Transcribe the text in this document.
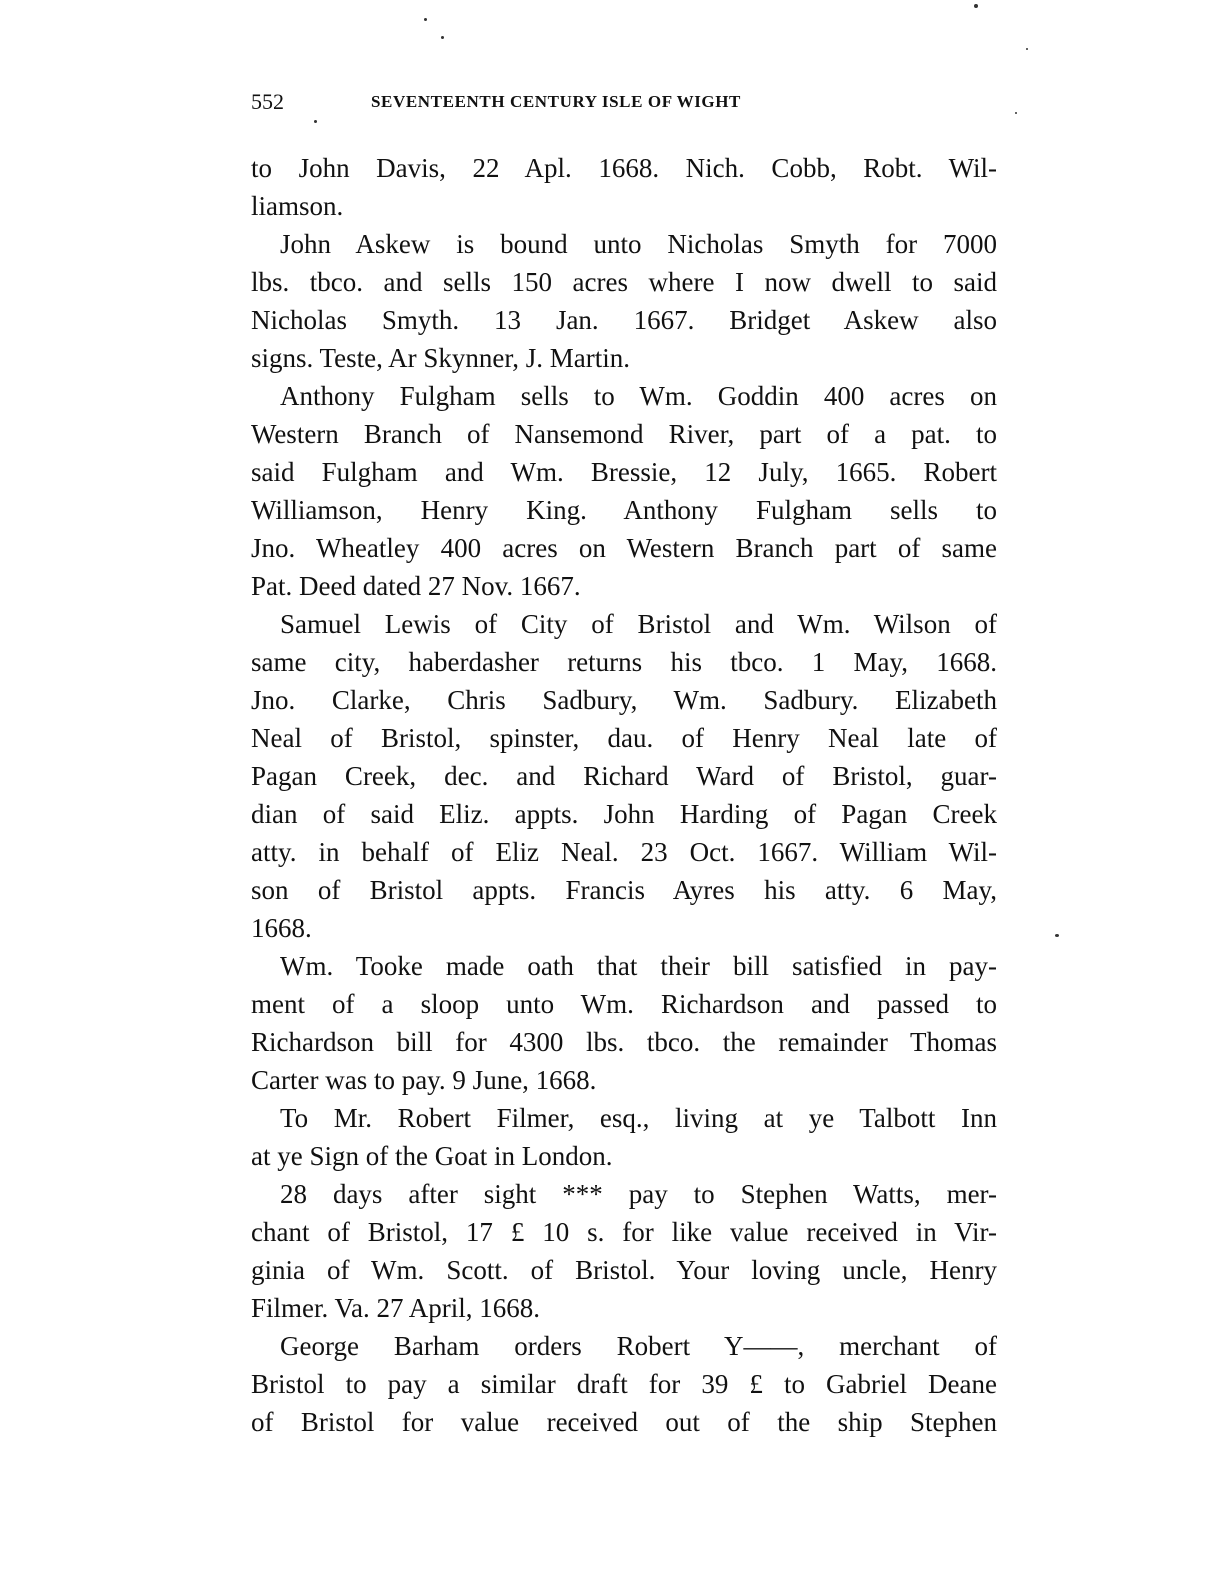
552	SEVENTEENTH CENTURY ISLE OF WIGHT
to John Davis, 22 Apl. 1668. Nich. Cobb, Robt. Wil-
liamson.
John Askew is bound unto Nicholas Smyth for 7000
lbs. tbco. and sells 150 acres where I now dwell to said
Nicholas Smyth. 13 Jan. 1667. Bridget Askew also
signs. Teste, Ar Skynner, J. Martin.
Anthony Fulgham sells to Wm. Goddin 400 acres on
Western Branch of Nansemond River, part of a pat. to
said Fulgham and Wm. Bressie, 12 July, 1665. Robert
Williamson, Henry King. Anthony Fulgham sells to
Jno. Wheatley 400 acres on Western Branch part of same
Pat. Deed dated 27 Nov. 1667.
Samuel Lewis of City of Bristol and Wm. Wilson of
same city, haberdasher returns his tbco. 1 May, 1668.
Jno. Clarke, Chris Sadbury, Wm. Sadbury. Elizabeth
Neal of Bristol, spinster, dau. of Henry Neal late of
Pagan Creek, dec. and Richard Ward of Bristol, guar-
dian of said Eliz. appts. John Harding of Pagan Creek
atty. in behalf of Eliz Neal. 23 Oct. 1667. William Wil-
son of Bristol appts. Francis Ayres his atty. 6 May,
1668.
Wm. Tooke made oath that their bill satisfied in pay-
ment of a sloop unto Wm. Richardson and passed to
Richardson bill for 4300 lbs. tbco. the remainder Thomas
Carter was to pay. 9 June, 1668.
To Mr. Robert Filmer, esq., living at ye Talbott Inn
at ye Sign of the Goat in London.
28 days after sight *** pay to Stephen Watts, mer-
chant of Bristol, 17 £ 10 s. for like value received in Vir-
ginia of Wm. Scott. of Bristol. Your loving uncle, Henry
Filmer. Va. 27 April, 1668.
George Barham orders Robert Y——, merchant of
Bristol to pay a similar draft for 39 £ to Gabriel Deane
of Bristol for value received out of the ship Stephen
